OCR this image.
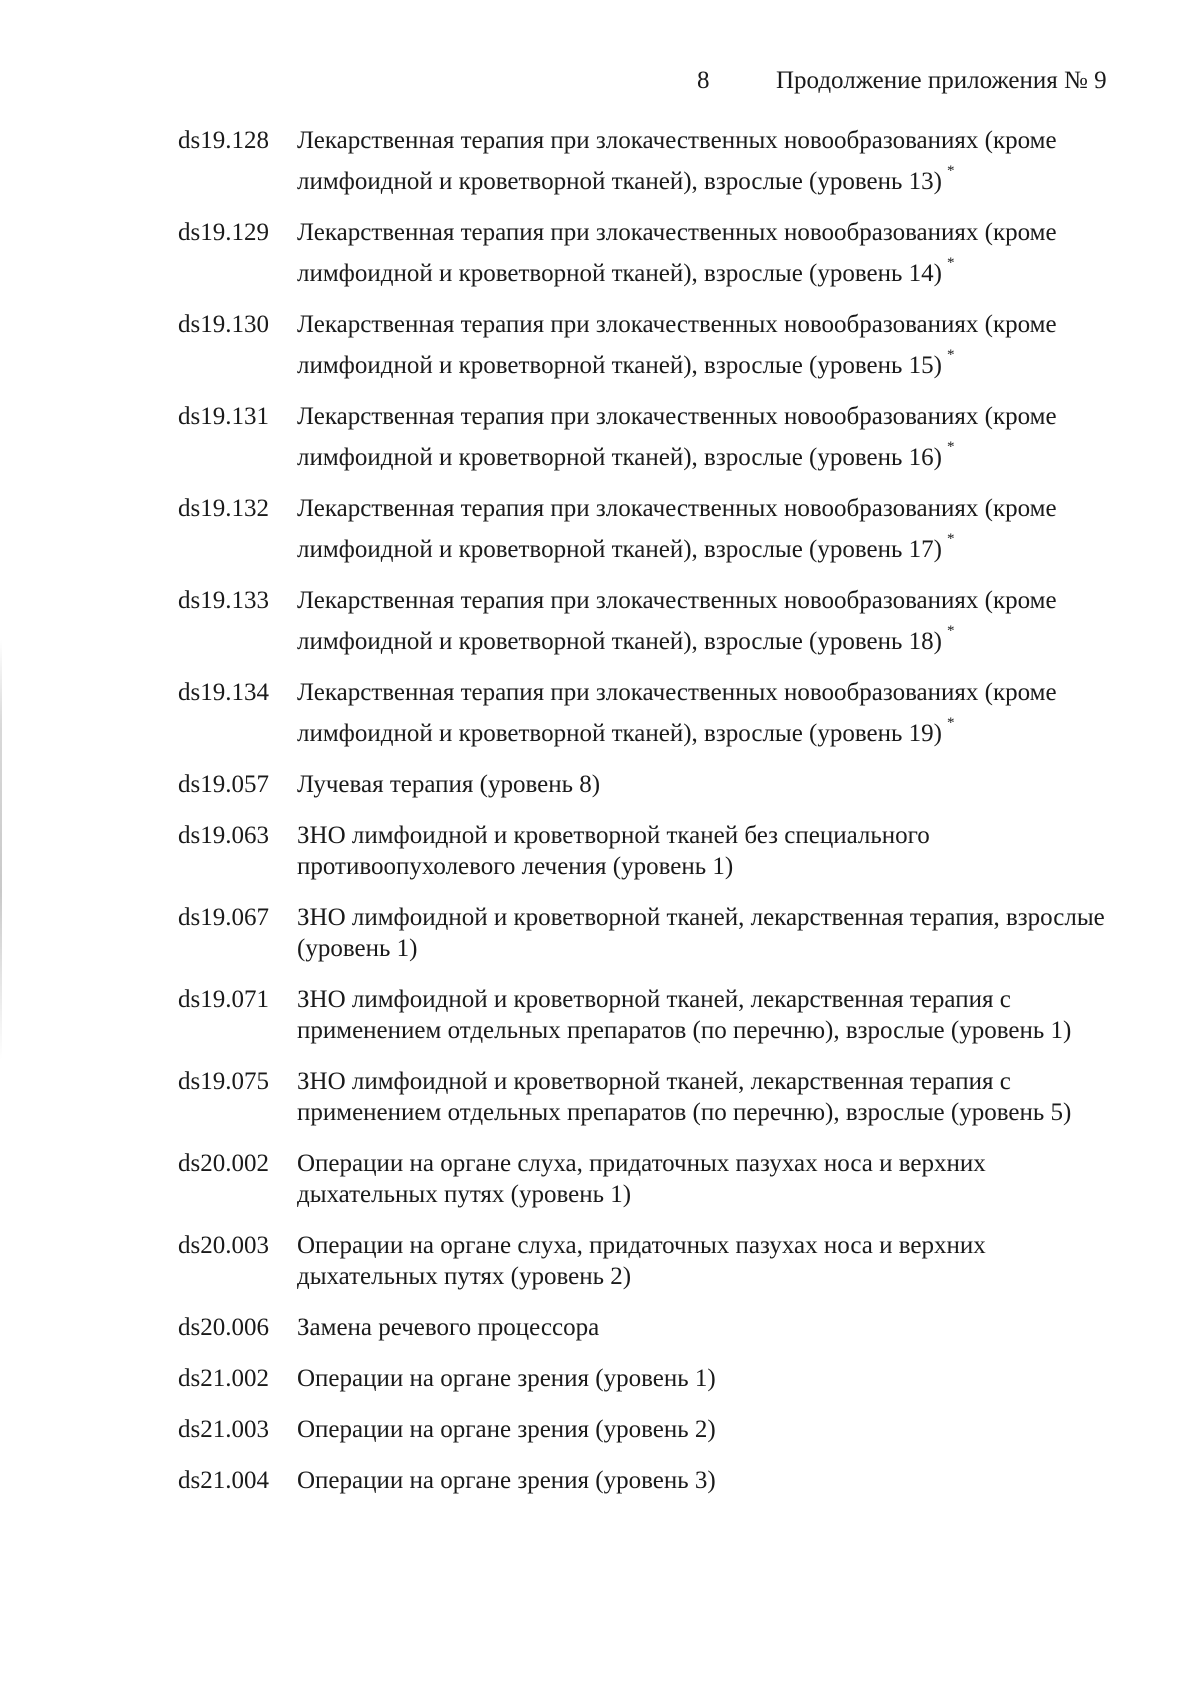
8	Продолжение приложения № 9
ds19.128	Лекарственная терапия при злокачественных новообразованиях (кроме лимфоидной и кроветворной тканей), взрослые (уровень 13) *
ds19.129	Лекарственная терапия при злокачественных новообразованиях (кроме лимфоидной и кроветворной тканей), взрослые (уровень 14) *
ds19.130	Лекарственная терапия при злокачественных новообразованиях (кроме лимфоидной и кроветворной тканей), взрослые (уровень 15) *
ds19.131	Лекарственная терапия при злокачественных новообразованиях (кроме лимфоидной и кроветворной тканей), взрослые (уровень 16) *
ds19.132	Лекарственная терапия при злокачественных новообразованиях (кроме лимфоидной и кроветворной тканей), взрослые (уровень 17) *
ds19.133	Лекарственная терапия при злокачественных новообразованиях (кроме лимфоидной и кроветворной тканей), взрослые (уровень 18) *
ds19.134	Лекарственная терапия при злокачественных новообразованиях (кроме лимфоидной и кроветворной тканей), взрослые (уровень 19) *
ds19.057	Лучевая терапия (уровень 8)
ds19.063	ЗНО лимфоидной и кроветворной тканей без специального противоопухолевого лечения (уровень 1)
ds19.067	ЗНО лимфоидной и кроветворной тканей, лекарственная терапия, взрослые (уровень 1)
ds19.071	ЗНО лимфоидной и кроветворной тканей, лекарственная терапия с применением отдельных препаратов (по перечню), взрослые (уровень 1)
ds19.075	ЗНО лимфоидной и кроветворной тканей, лекарственная терапия с применением отдельных препаратов (по перечню), взрослые (уровень 5)
ds20.002	Операции на органе слуха, придаточных пазухах носа и верхних дыхательных путях (уровень 1)
ds20.003	Операции на органе слуха, придаточных пазухах носа и верхних дыхательных путях (уровень 2)
ds20.006	Замена речевого процессора
ds21.002	Операции на органе зрения (уровень 1)
ds21.003	Операции на органе зрения (уровень 2)
ds21.004	Операции на органе зрения (уровень 3)
